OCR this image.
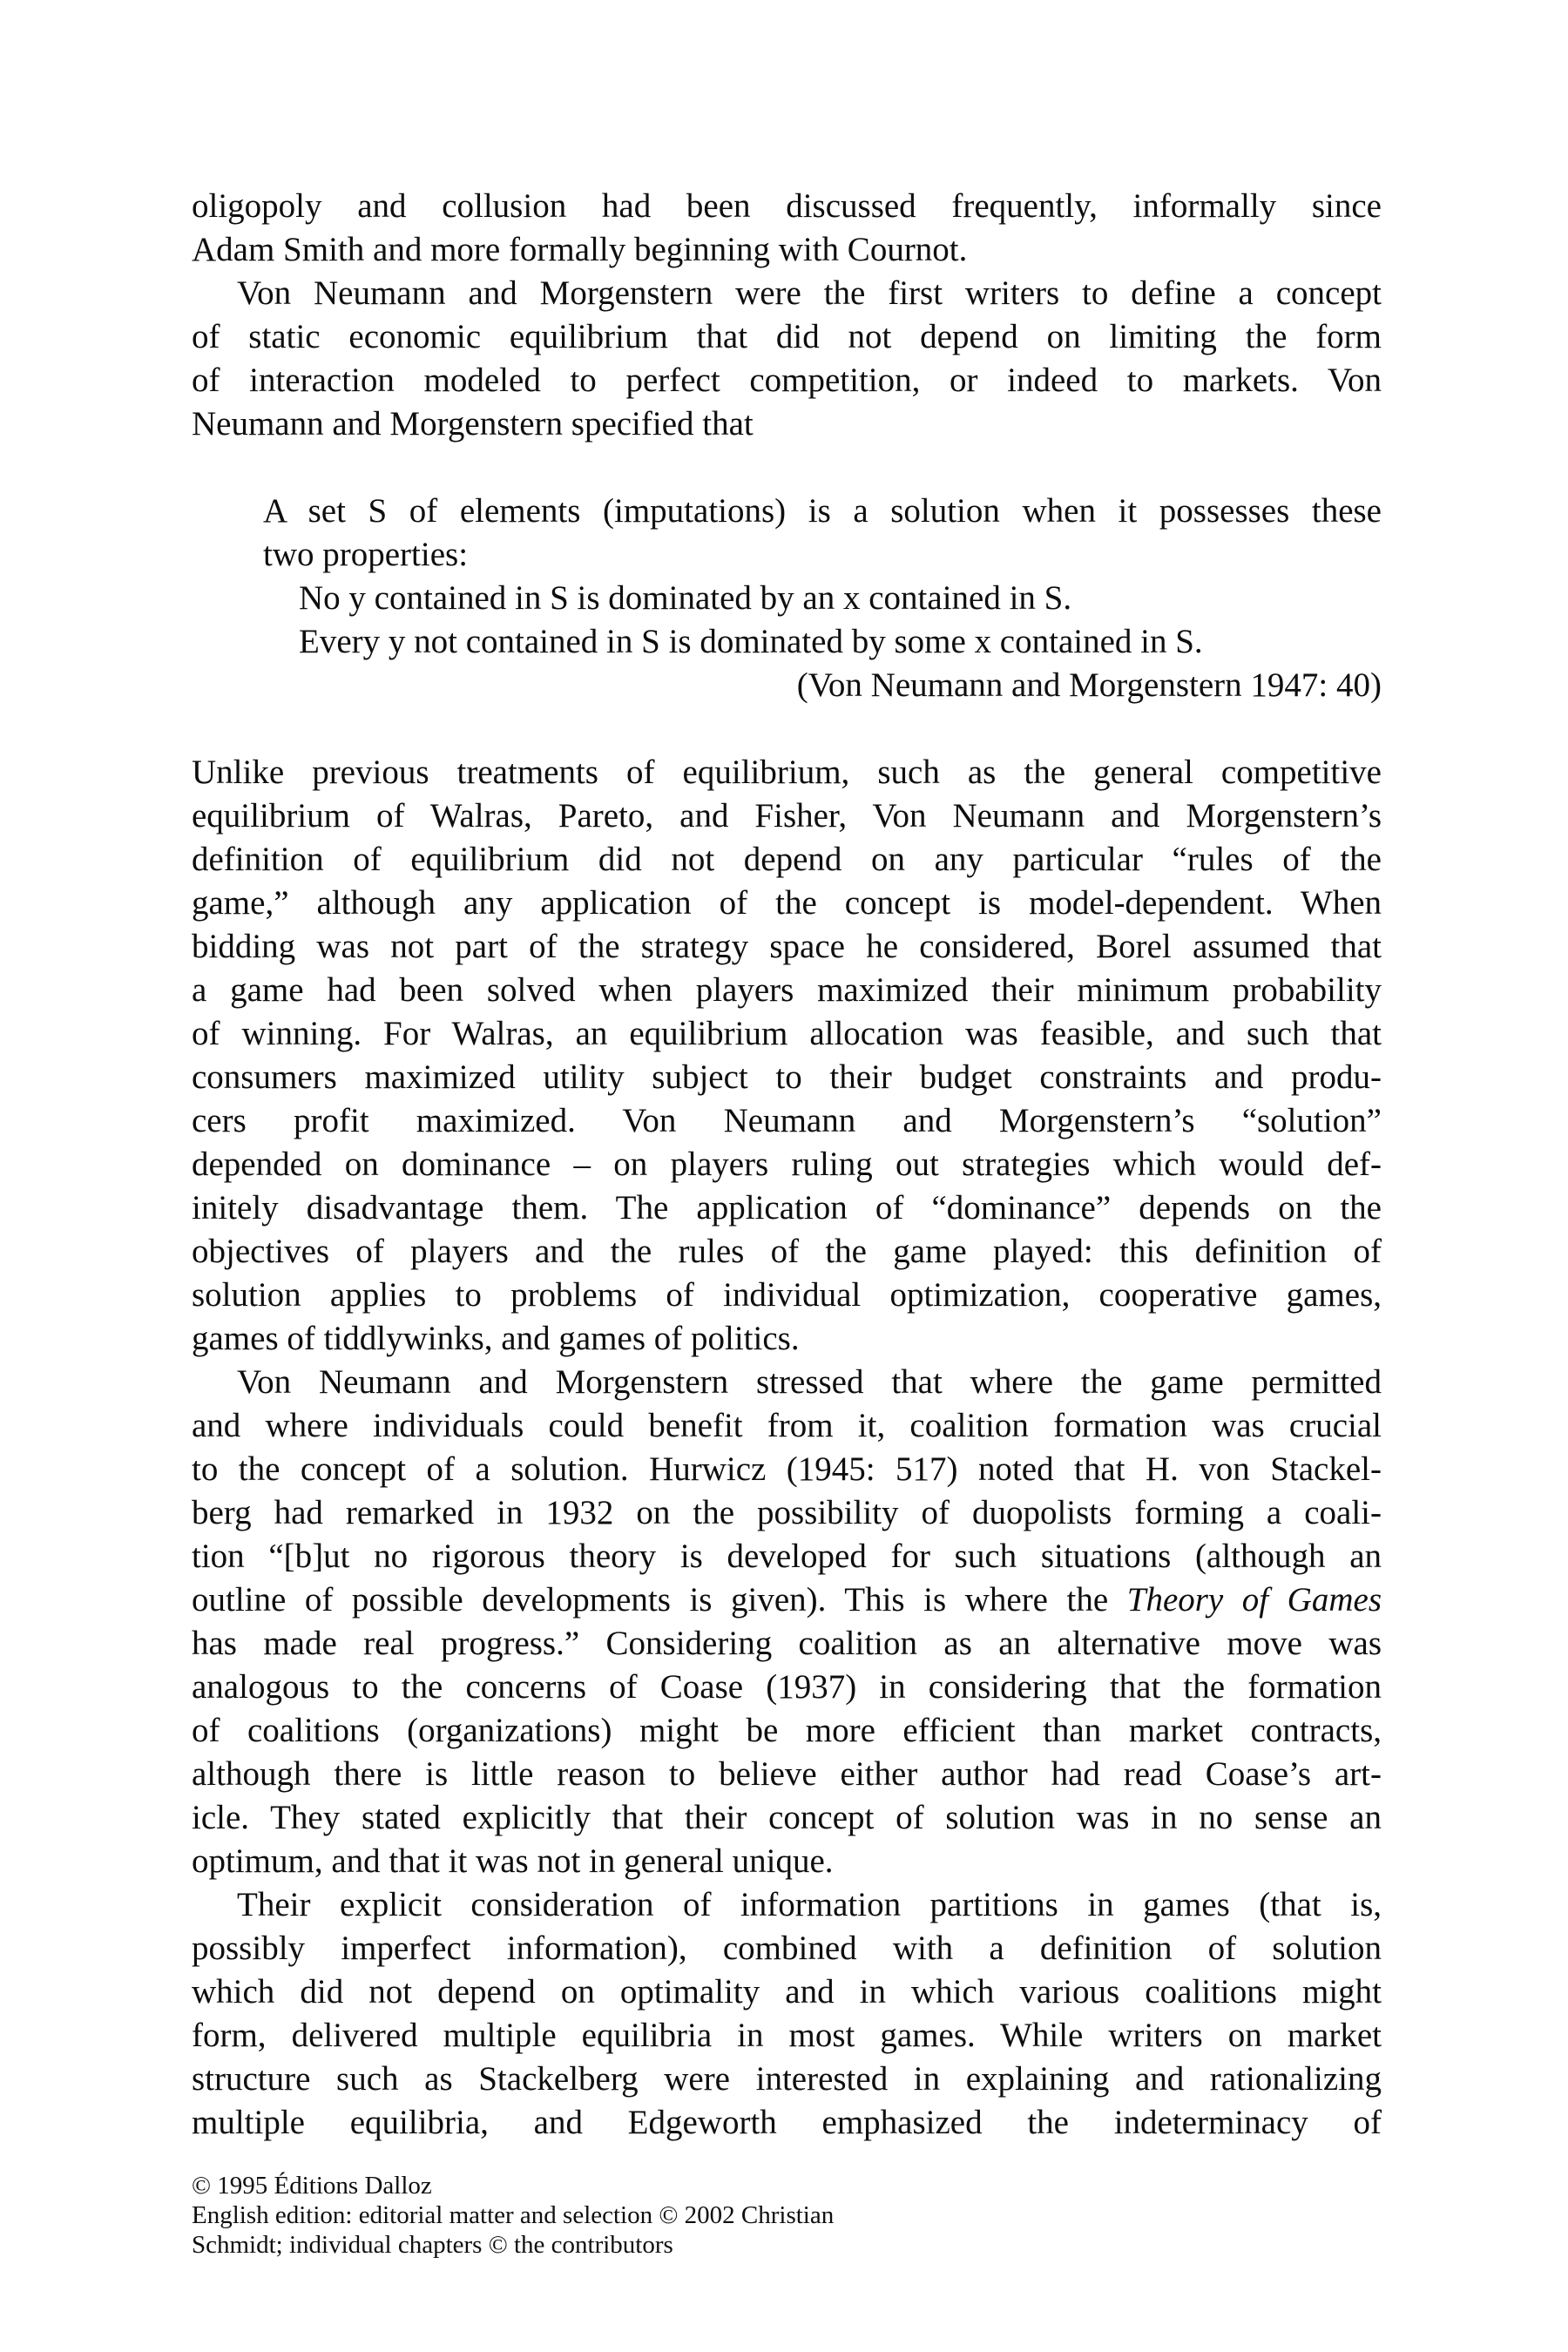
oligopoly and collusion had been discussed frequently, informally since
Adam Smith and more formally beginning with Cournot.
Von Neumann and Morgenstern were the first writers to define a concept
of static economic equilibrium that did not depend on limiting the form
of interaction modeled to perfect competition, or indeed to markets. Von
Neumann and Morgenstern specified that
A set S of elements (imputations) is a solution when it possesses these
two properties:
No y contained in S is dominated by an x contained in S.
Every y not contained in S is dominated by some x contained in S.
(Von Neumann and Morgenstern 1947: 40)
Unlike previous treatments of equilibrium, such as the general competitive
equilibrium of Walras, Pareto, and Fisher, Von Neumann and Morgenstern’s
definition of equilibrium did not depend on any particular “rules of the
game,” although any application of the concept is model-dependent. When
bidding was not part of the strategy space he considered, Borel assumed that
a game had been solved when players maximized their minimum probability
of winning. For Walras, an equilibrium allocation was feasible, and such that
consumers maximized utility subject to their budget constraints and produ-
cers profit maximized. Von Neumann and Morgenstern’s “solution”
depended on dominance – on players ruling out strategies which would def-
initely disadvantage them. The application of “dominance” depends on the
objectives of players and the rules of the game played: this definition of
solution applies to problems of individual optimization, cooperative games,
games of tiddlywinks, and games of politics.
Von Neumann and Morgenstern stressed that where the game permitted
and where individuals could benefit from it, coalition formation was crucial
to the concept of a solution. Hurwicz (1945: 517) noted that H. von Stackel-
berg had remarked in 1932 on the possibility of duopolists forming a coali-
tion “[b]ut no rigorous theory is developed for such situations (although an
outline of possible developments is given). This is where the Theory of Games
has made real progress.” Considering coalition as an alternative move was
analogous to the concerns of Coase (1937) in considering that the formation
of coalitions (organizations) might be more efficient than market contracts,
although there is little reason to believe either author had read Coase’s art-
icle. They stated explicitly that their concept of solution was in no sense an
optimum, and that it was not in general unique.
Their explicit consideration of information partitions in games (that is,
possibly imperfect information), combined with a definition of solution
which did not depend on optimality and in which various coalitions might
form, delivered multiple equilibria in most games. While writers on market
structure such as Stackelberg were interested in explaining and rationalizing
multiple equilibria, and Edgeworth emphasized the indeterminacy of
© 1995 Éditions Dalloz
English edition: editorial matter and selection © 2002 Christian
Schmidt; individual chapters © the contributors
